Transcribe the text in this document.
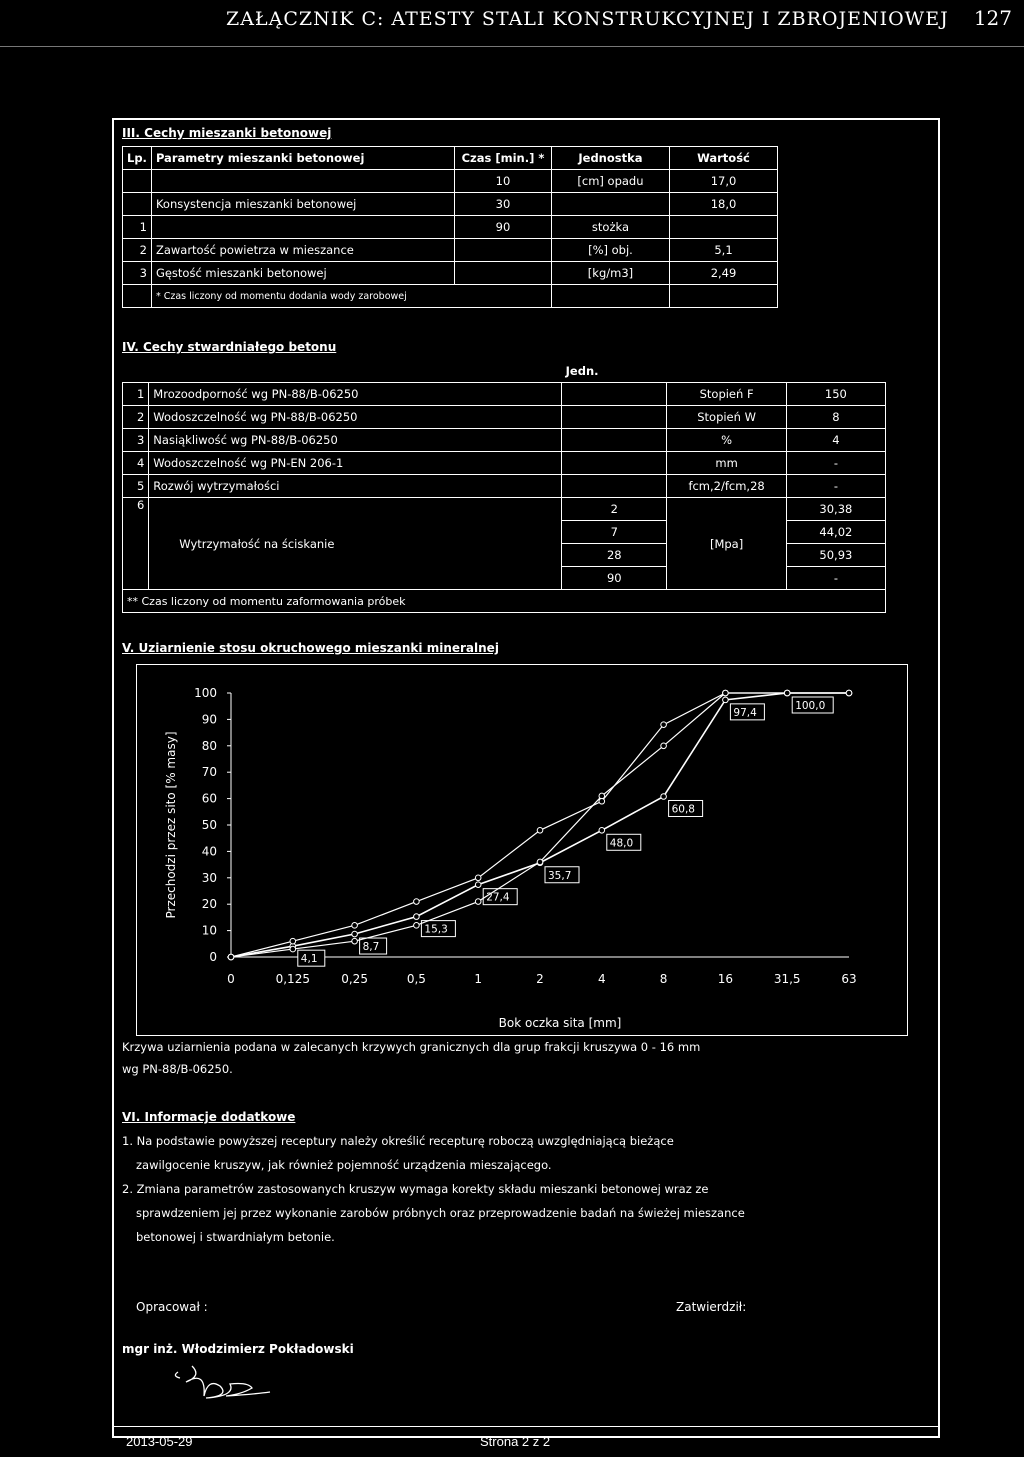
ZAŁĄCZNIK C: ATESTY STALI KONSTRUKCYJNEJ I ZBROJENIOWEJ 127
III. Cechy mieszanki betonowej
Lp.	Parametry mieszanki betonowej	Czas [min.] *	Jednostka	Wartość
		10	[cm] opadu	17,0
	Konsystencja mieszanki betonowej	30		18,0
1		90	stożka	
2	Zawartość powietrza w mieszance		[%] obj.	5,1
3	Gęstość mieszanki betonowej		[kg/m3]	2,49
	* Czas liczony od momentu dodania wody zarobowej			
IV. Cechy stwardniałego betonu
		Jedn.		
1	Mrozoodporność wg PN-88/B-06250		Stopień F	150
2	Wodoszczelność wg PN-88/B-06250		Stopień W	8
3	Nasiąkliwość wg PN-88/B-06250		%	4
4	Wodoszczelność wg PN-EN 206-1		mm	-
5	Rozwój wytrzymałości		fcm,2/fcm,28	-
6	Wytrzymałość na ściskanie	2	[Mpa]	30,38
		7		44,02
		28		50,93
		90		-
** Czas liczony od momentu zaformowania próbek				
V. Uziarnienie stosu okruchowego mieszanki mineralnej
0
10
20
30
40
50
60
70
80
90
100
0	0,125	0,25	0,5	1	2	4	8	16	31,5	63
Przechodzi przez sito [% masy]
Bok oczka sita [mm]
4,1
8,7
15,3
27,4
35,7
48,0
60,8
97,4
100,0
Krzywa uziarnienia podana w zalecanych krzywych granicznych dla grup frakcji kruszywa 0 - 16 mm
wg PN-88/B-06250.
VI. Informacje dodatkowe
1. Na podstawie powyższej receptury należy określić recepturę roboczą uwzględniającą bieżące
zawilgocenie kruszyw, jak również pojemność urządzenia mieszającego.
2. Zmiana parametrów zastosowanych kruszyw wymaga korekty składu mieszanki betonowej wraz ze
sprawdzeniem jej przez wykonanie zarobów próbnych oraz przeprowadzenie badań na świeżej mieszance
betonowej i stwardniałym betonie.
Opracował :	Zatwierdził:
mgr inż. Włodzimierz Pokładowski
2013-05-29	Strona 2 z 2
